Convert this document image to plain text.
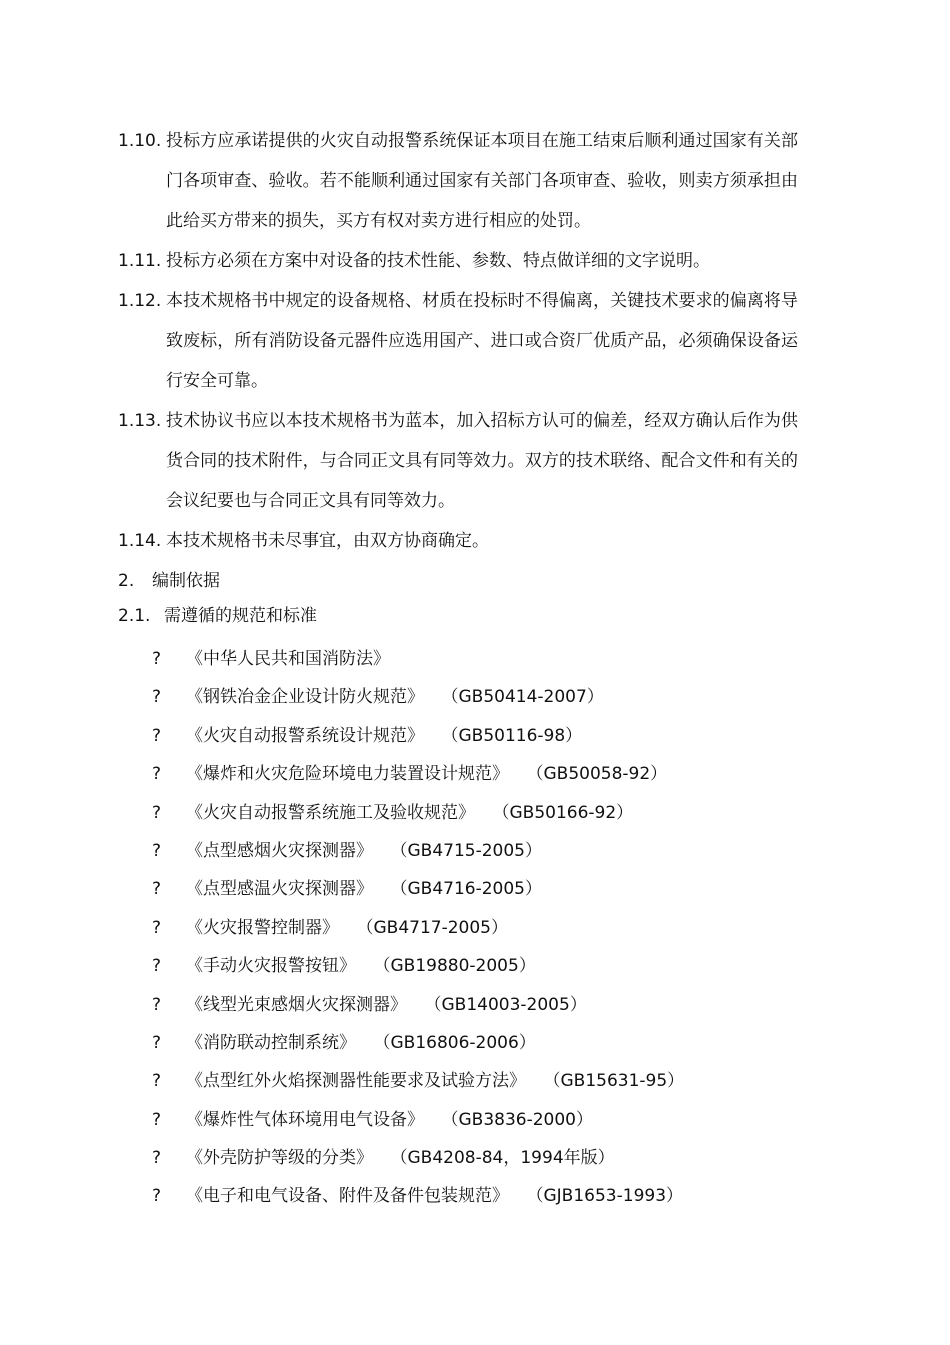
1.10. 投标方应承诺提供的火灾自动报警系统保证本项目在施工结束后顺利通过国家有关部门各项审查、验收。若不能顺利通过国家有关部门各项审查、验收，则卖方须承担由此给买方带来的损失，买方有权对卖方进行相应的处罚。
1.11. 投标方必须在方案中对设备的技术性能、参数、特点做详细的文字说明。
1.12. 本技术规格书中规定的设备规格、材质在投标时不得偏离，关键技术要求的偏离将导致废标，所有消防设备元器件应选用国产、进口或合资厂优质产品，必须确保设备运行安全可靠。
1.13. 技术协议书应以本技术规格书为蓝本，加入招标方认可的偏差，经双方确认后作为供货合同的技术附件，与合同正文具有同等效力。双方的技术联络、配合文件和有关的会议纪要也与合同正文具有同等效力。
1.14. 本技术规格书未尽事宜，由双方协商确定。
2. 编制依据
2.1. 需遵循的规范和标准
?	《中华人民共和国消防法》
?	《钢铁冶金企业设计防火规范》 （GB50414-2007）
?	《火灾自动报警系统设计规范》 （GB50116-98）
?	《爆炸和火灾危险环境电力装置设计规范》 （GB50058-92）
?	《火灾自动报警系统施工及验收规范》 （GB50166-92）
?	《点型感烟火灾探测器》 （GB4715-2005）
?	《点型感温火灾探测器》 （GB4716-2005）
?	《火灾报警控制器》 （GB4717-2005）
?	《手动火灾报警按钮》 （GB19880-2005）
?	《线型光束感烟火灾探测器》 （GB14003-2005）
?	《消防联动控制系统》 （GB16806-2006）
?	《点型红外火焰探测器性能要求及试验方法》 （GB15631-95）
?	《爆炸性气体环境用电气设备》 （GB3836-2000）
?	《外壳防护等级的分类》 （GB4208-84，1994年版）
?	《电子和电气设备、附件及备件包装规范》 （GJB1653-1993）
